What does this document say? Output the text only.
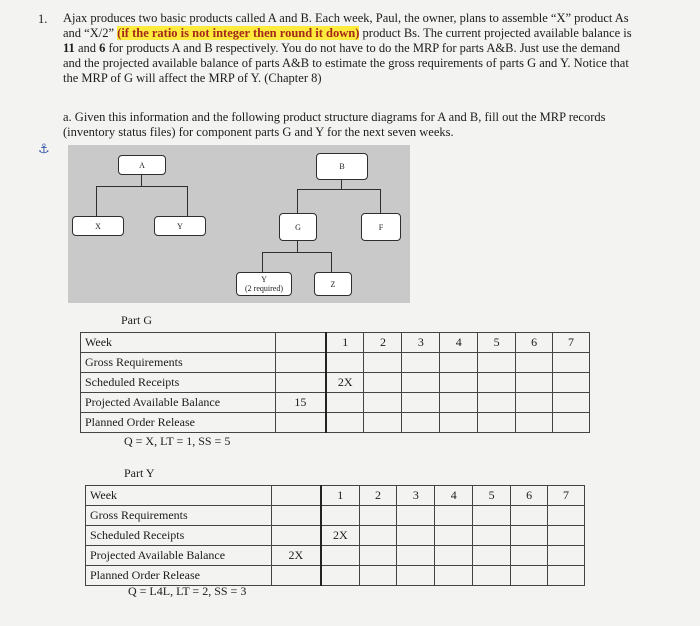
1. Ajax produces two basic products called A and B. Each week, Paul, the owner, plans to assemble “X” product As and “X/2” (if the ratio is not integer then round it down) product Bs. The current projected available balance is 11 and 6 for products A and B respectively. You do not have to do the MRP for parts A&B. Just use the demand and the projected available balance of parts A&B to estimate the gross requirements of parts G and Y. Notice that the MRP of G will affect the MRP of Y. (Chapter 8)
a. Given this information and the following product structure diagrams for A and B, fill out the MRP records (inventory status files) for component parts G and Y for the next seven weeks.
⚓
A
X	Y
B
G	F
Y
(2 required)	Z
Part G
Week		1	2	3	4	5	6	7
Gross Requirements								
Scheduled Receipts		2X						
Projected Available Balance	15							
Planned Order Release								
Q = X, LT = 1, SS = 5
Part Y
Week		1	2	3	4	5	6	7
Gross Requirements								
Scheduled Receipts		2X						
Projected Available Balance	2X							
Planned Order Release								
Q = L4L, LT = 2, SS = 3
